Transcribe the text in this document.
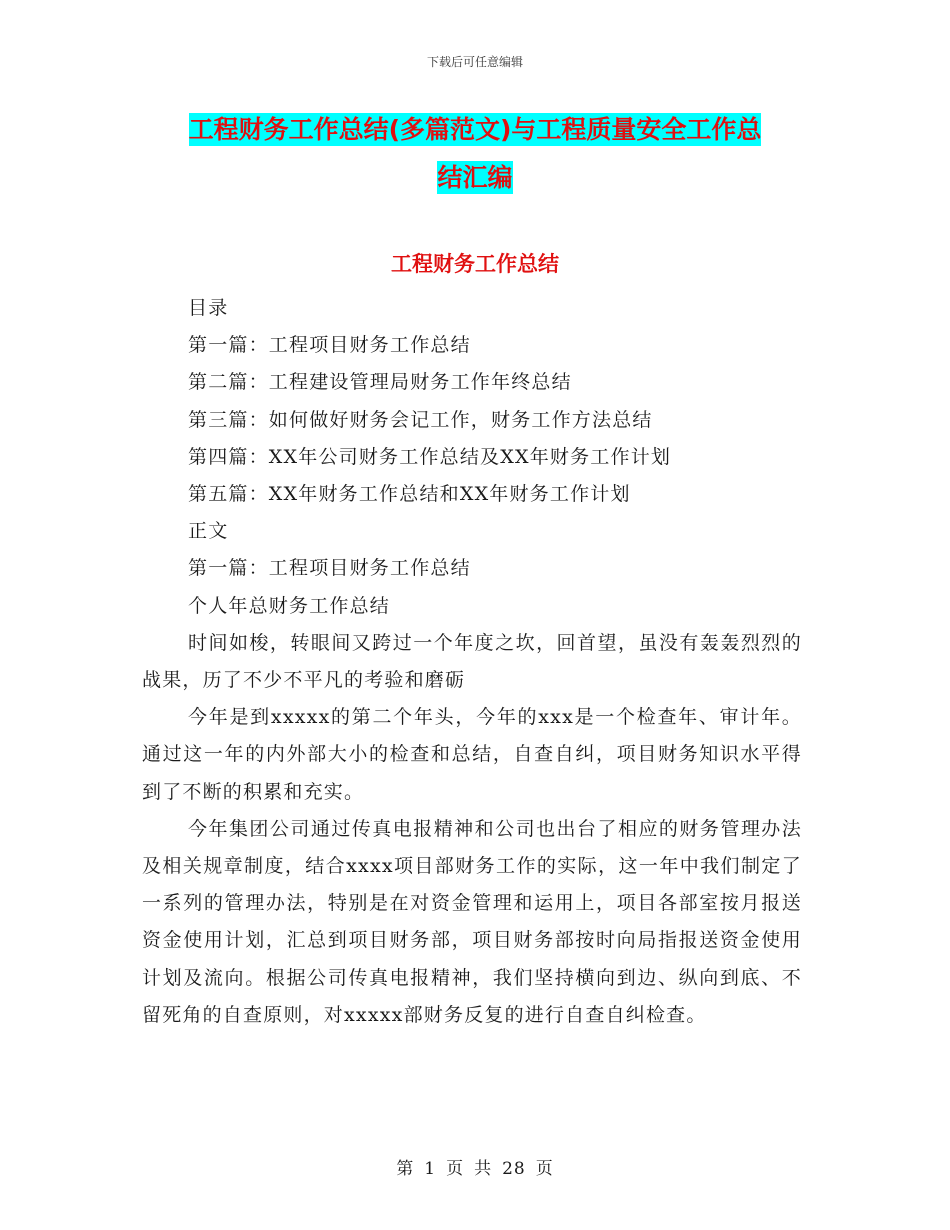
下载后可任意编辑
工程财务工作总结(多篇范文)与工程质量安全工作总
结汇编
工程财务工作总结
目录
第一篇：工程项目财务工作总结
第二篇：工程建设管理局财务工作年终总结
第三篇：如何做好财务会记工作，财务工作方法总结
第四篇：XX年公司财务工作总结及XX年财务工作计划
第五篇：XX年财务工作总结和XX年财务工作计划
正文
第一篇：工程项目财务工作总结
个人年总财务工作总结

时间如梭，转眼间又跨过一个年度之坎，回首望，虽没有轰轰烈烈的战果，历了不少不平凡的考验和磨砺

今年是到xxxxx的第二个年头，今年的xxx是一个检查年、审计年。通过这一年的内外部大小的检查和总结，自查自纠，项目财务知识水平得到了不断的积累和充实。

今年集团公司通过传真电报精神和公司也出台了相应的财务管理办法及相关规章制度，结合xxxx项目部财务工作的实际，这一年中我们制定了一系列的管理办法，特别是在对资金管理和运用上，项目各部室按月报送资金使用计划，汇总到项目财务部，项目财务部按时向局指报送资金使用计划及流向。根据公司传真电报精神，我们坚持横向到边、纵向到底、不留死角的自查原则，对xxxxx部财务反复的进行自查自纠检查。

第 1 页 共 28 页
